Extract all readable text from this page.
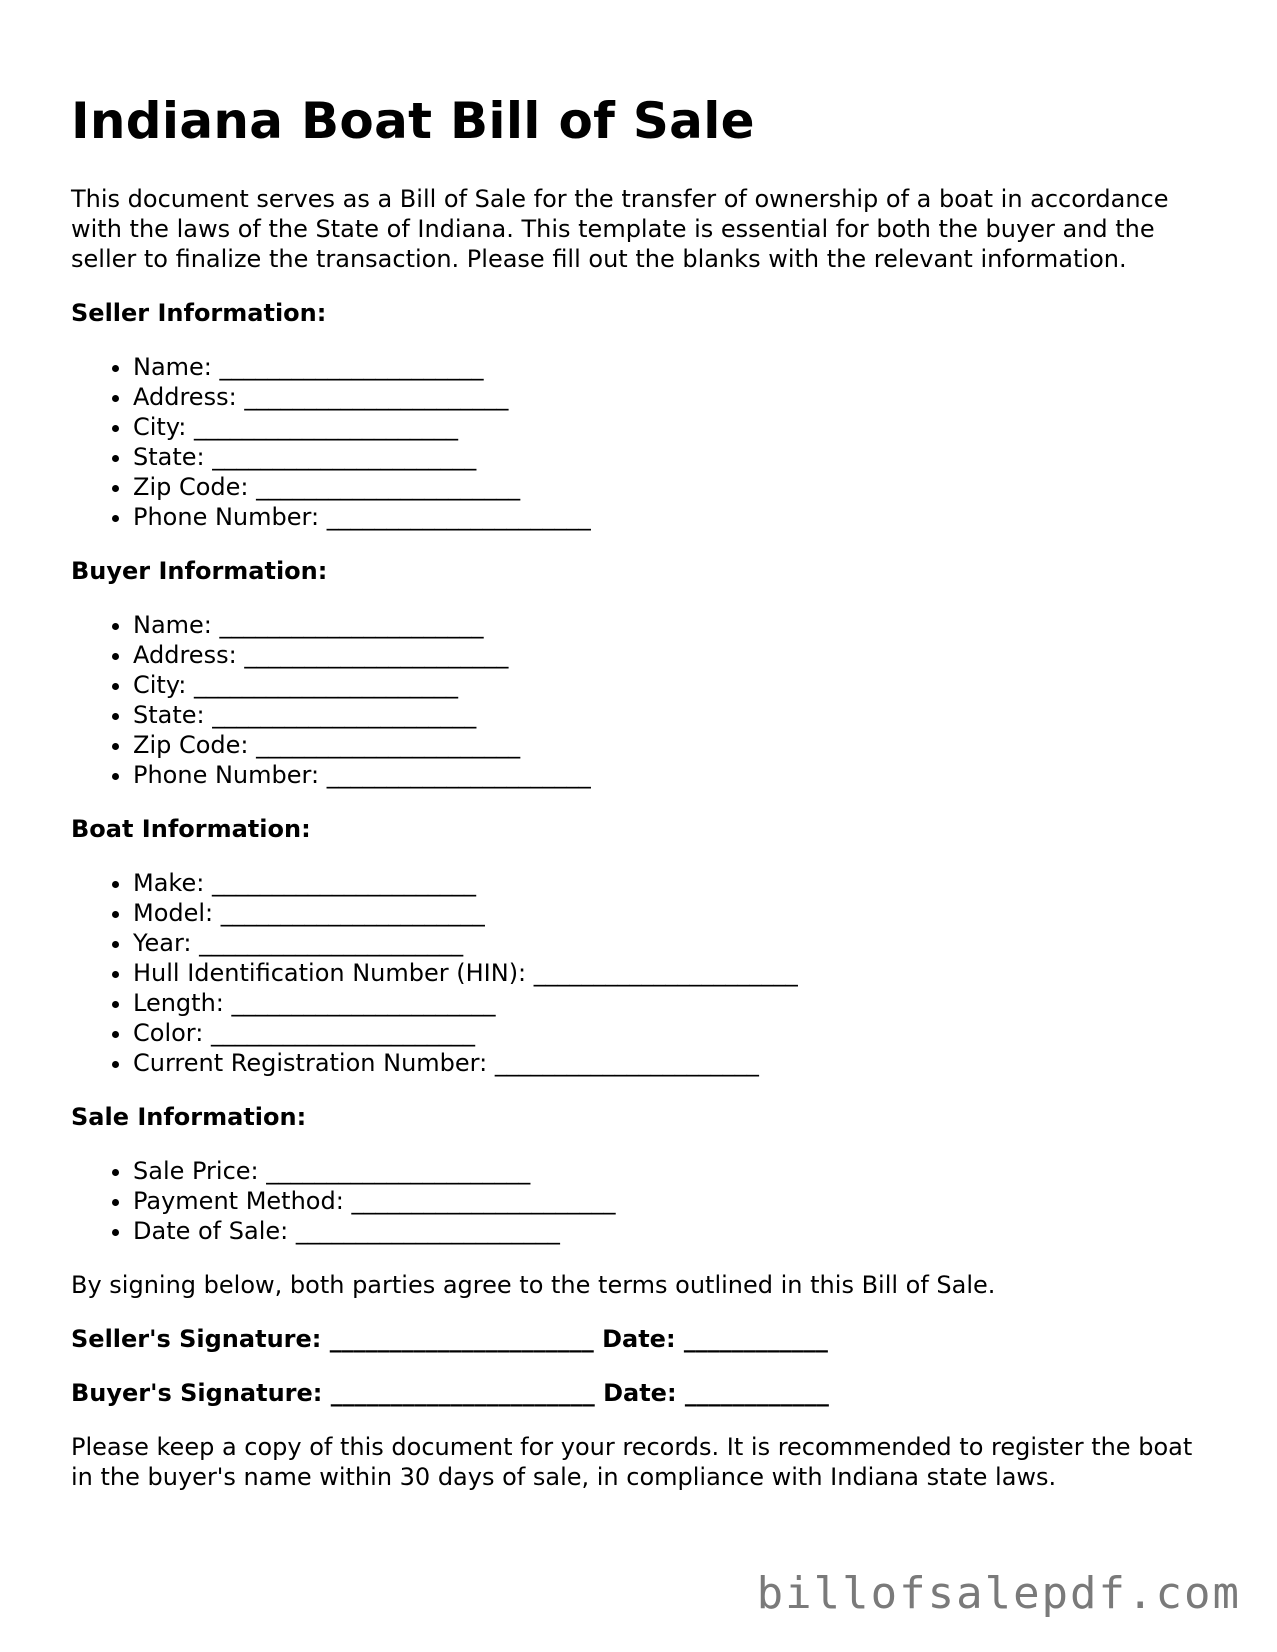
Indiana Boat Bill of Sale

This document serves as a Bill of Sale for the transfer of ownership of a boat in accordance with the laws of the State of Indiana. This template is essential for both the buyer and the seller to finalize the transaction. Please fill out the blanks with the relevant information.

Seller Information:
• Name: ______________________
• Address: ______________________
• City: ______________________
• State: ______________________
• Zip Code: ______________________
• Phone Number: ______________________
Buyer Information:
• Name: ______________________
• Address: ______________________
• City: ______________________
• State: ______________________
• Zip Code: ______________________
• Phone Number: ______________________
Boat Information:
• Make: ______________________
• Model: ______________________
• Year: ______________________
• Hull Identification Number (HIN): ______________________
• Length: ______________________
• Color: ______________________
• Current Registration Number: ______________________
Sale Information:
• Sale Price: ______________________
• Payment Method: ______________________
• Date of Sale: ______________________

By signing below, both parties agree to the terms outlined in this Bill of Sale.

Seller's Signature: ______________________ Date: ____________

Buyer's Signature: ______________________ Date: ____________

Please keep a copy of this document for your records. It is recommended to register the boat in the buyer's name within 30 days of sale, in compliance with Indiana state laws.

billofsalepdf.com
